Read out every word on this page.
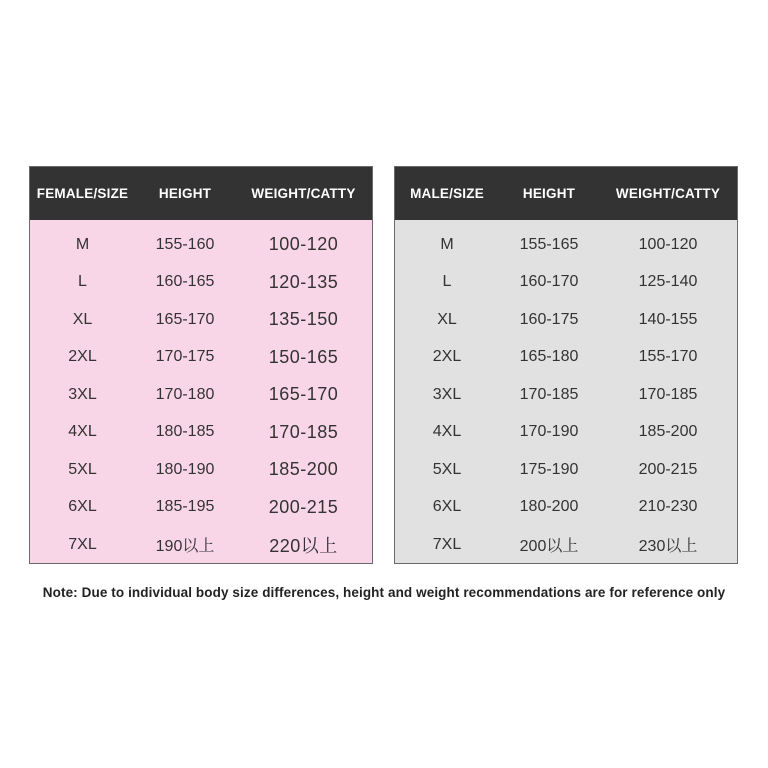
FEMALE/SIZE	HEIGHT	WEIGHT/CATTY
M	155-160	100-120
L	160-165	120-135
XL	165-170	135-150
2XL	170-175	150-165
3XL	170-180	165-170
4XL	180-185	170-185
5XL	180-190	185-200
6XL	185-195	200-215
7XL	190以上	220以上
MALE/SIZE	HEIGHT	WEIGHT/CATTY
M	155-165	100-120
L	160-170	125-140
XL	160-175	140-155
2XL	165-180	155-170
3XL	170-185	170-185
4XL	170-190	185-200
5XL	175-190	200-215
6XL	180-200	210-230
7XL	200以上	230以上
Note: Due to individual body size differences, height and weight recommendations are for reference only
